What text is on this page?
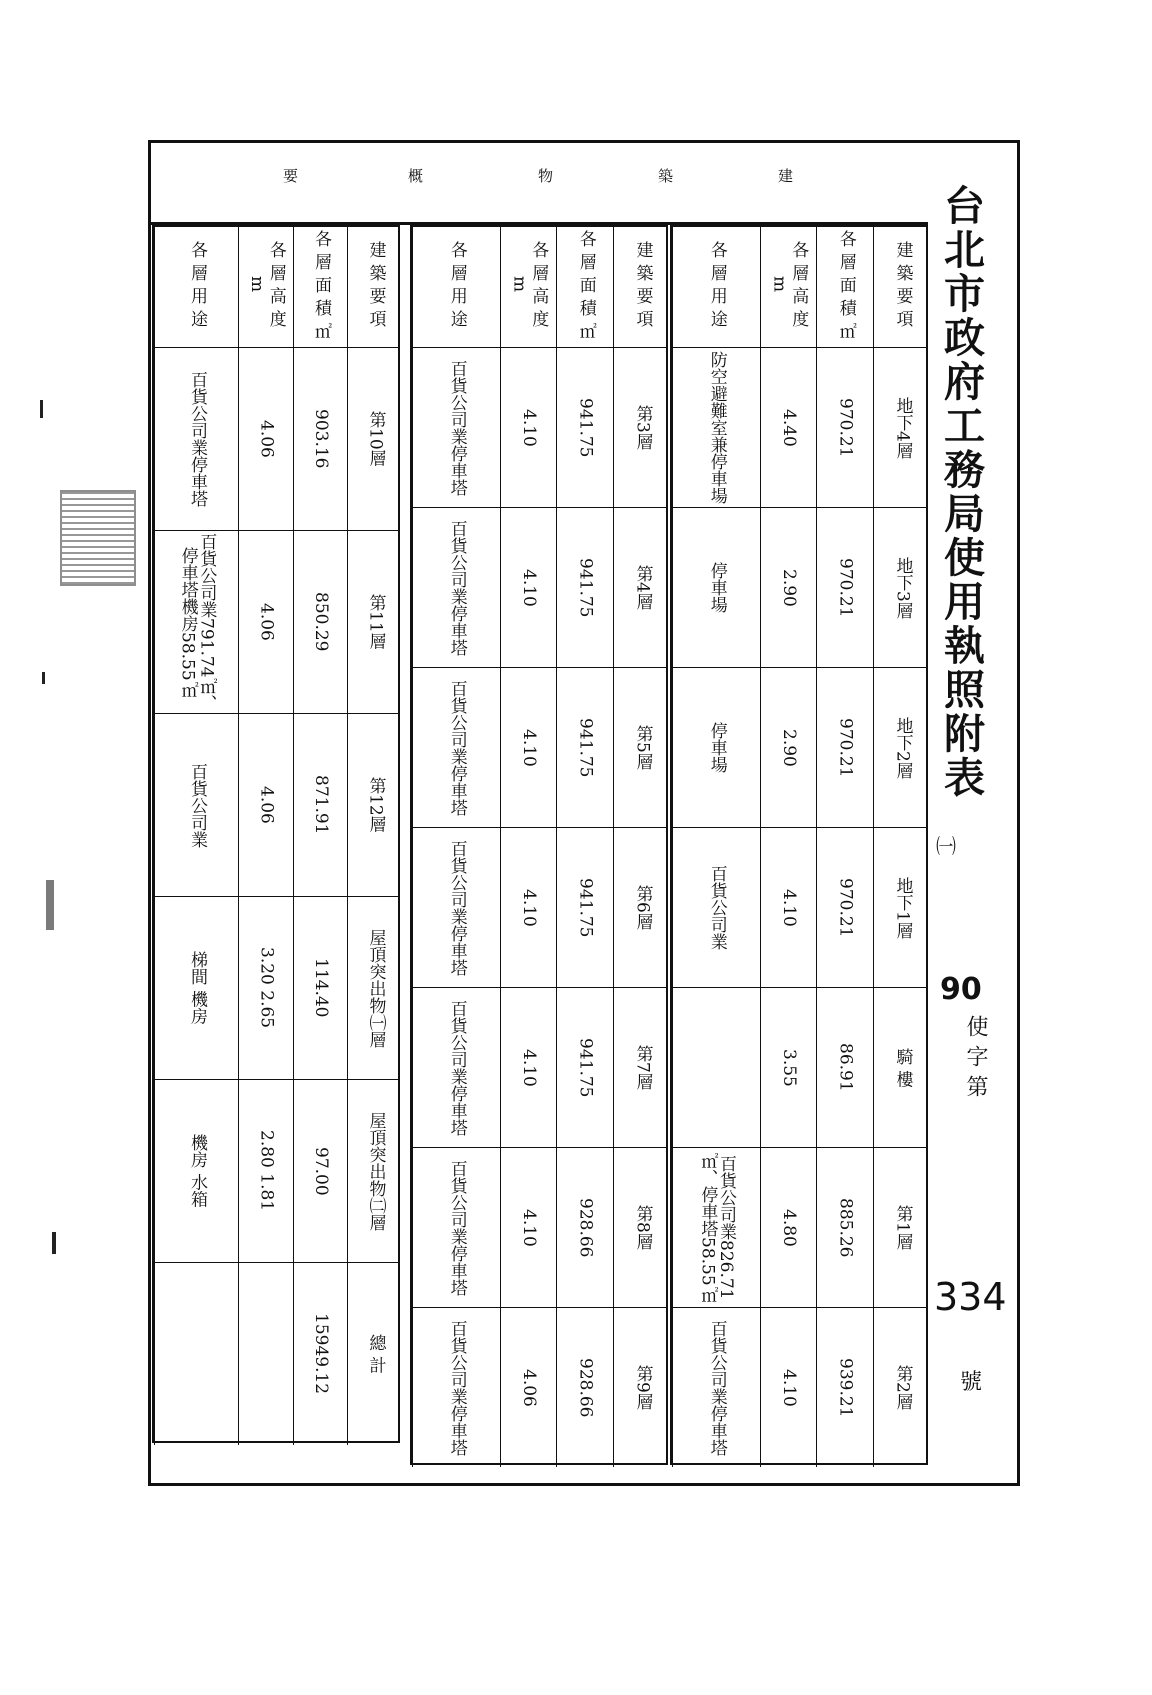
台北市政府工務局使用執照附表
90
使字第
334
號
㈠
建
築
物
概
要
建築要項
各層面積㎡
各層高度 m
各層用途
地下4層
970.21
4.40
防空避難室兼停車場
地下3層
970.21
2.90
停車場
地下2層
970.21
2.90
停車場
地下1層
970.21
4.10
百貨公司業
騎 樓
86.91
3.55
第1層
885.26
4.80
百貨公司業826.71㎡、停車塔58.55㎡
第2層
939.21
4.10
百貨公司業停車塔
建築要項
各層面積㎡
各層高度 m
各層用途
第3層
941.75
4.10
百貨公司業停車塔
第4層
941.75
4.10
百貨公司業停車塔
第5層
941.75
4.10
百貨公司業停車塔
第6層
941.75
4.10
百貨公司業停車塔
第7層
941.75
4.10
百貨公司業停車塔
第8層
928.66
4.10
百貨公司業停車塔
第9層
928.66
4.06
百貨公司業停車塔
建築要項
各層面積㎡
各層高度 m
各層用途
第10層
903.16
4.06
百貨公司業停車塔
第11層
850.29
4.06
百貨公司業791.74㎡、停車塔機房58.55㎡
第12層
871.91
4.06
百貨公司業
屋頂突出物㈠層
114.40
3.20 2.65
梯間 機房
屋頂突出物㈡層
97.00
2.80 1.81
機房 水箱
總 計
15949.12
